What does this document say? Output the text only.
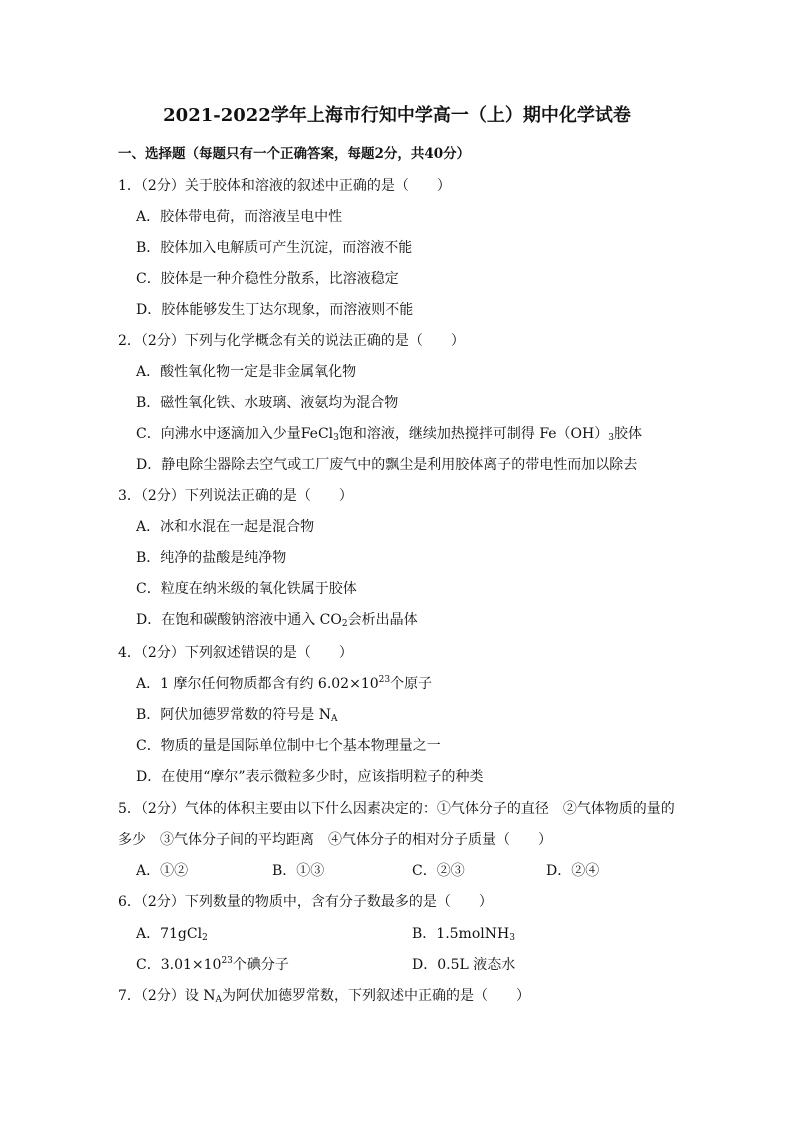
2021-2022学年上海市行知中学高一（上）期中化学试卷
一、选择题（每题只有一个正确答案，每题2分，共40分）
1．（2分）关于胶体和溶液的叙述中正确的是（　　）
A．胶体带电荷，而溶液呈电中性
B．胶体加入电解质可产生沉淀，而溶液不能
C．胶体是一种介稳性分散系，比溶液稳定
D．胶体能够发生丁达尔现象，而溶液则不能
2．（2分）下列与化学概念有关的说法正确的是（　　）
A．酸性氧化物一定是非金属氧化物
B．磁性氧化铁、水玻璃、液氨均为混合物
C．向沸水中逐滴加入少量FeCl$_3$饱和溶液，继续加热搅拌可制得 $Fe(OH)_3$胶体
D．静电除尘器除去空气或工厂废气中的飘尘是利用胶体离子的带电性而加以除去
3．（2分）下列说法正确的是（　　）
A．冰和水混在一起是混合物
B．纯净的盐酸是纯净物
C．粒度在纳米级的氧化铁属于胶体
D．在饱和碳酸钠溶液中通入 $CO_2$会析出晶体
4．（2分）下列叙述错误的是（　　）
A．1 摩尔任何物质都含有约 $6.02\times 10^{23}$个原子
B．阿伏加德罗常数的符号是 $N_A$
C．物质的量是国际单位制中七个基本物理量之一
D．在使用“摩尔”表示微粒多少时，应该指明粒子的种类
5．（2分）气体的体积主要由以下什么因素决定的：①气体分子的直径　②气体物质的量的
多少　③气体分子间的平均距离　④气体分子的相对分子质量（　　）
A．①②	B．①③	C．②③	D．②④
6．（2分）下列数量的物质中，含有分子数最多的是（　　）
A．71gCl$_2$	B．1.5molNH$_3$
C．$3.01\times 10^{23}$个碘分子	D．0.5L 液态水
7．（2分）设 $N_A$为阿伏加德罗常数，下列叙述中正确的是（　　）
